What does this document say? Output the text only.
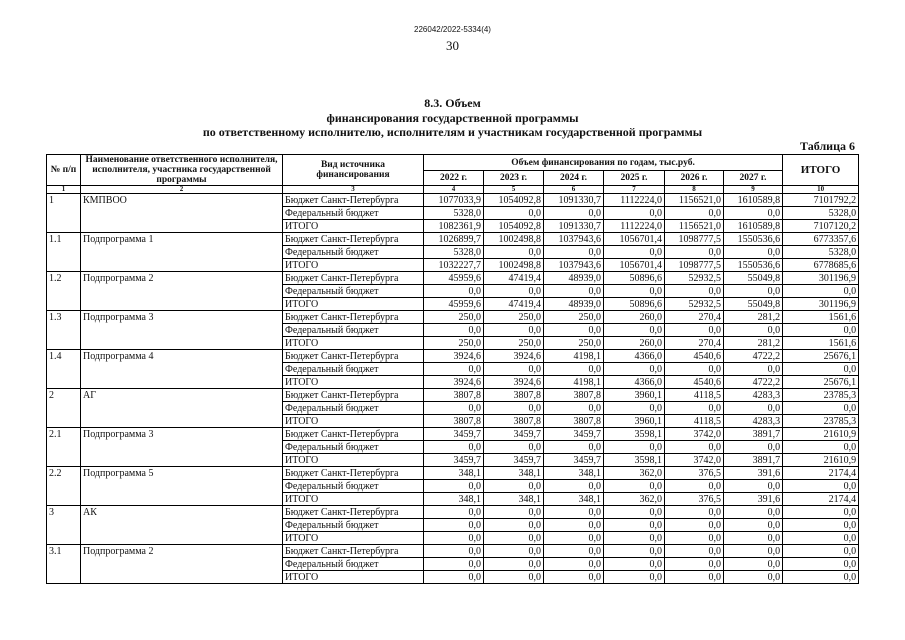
226042/2022-5334(4)
30
8.3. Объем
финансирования государственной программы
по ответственному исполнителю, исполнителям и участникам государственной программы
Таблица 6
№ п/п	Наименование ответственного исполнителя, исполнителя, участника государственной программы	Вид источника финансирования	Объем финансирования по годам, тыс.руб.						ИТОГО
			2022 г.	2023 г.	2024 г.	2025 г.	2026 г.	2027 г.	
1	2	3	4	5	6	7	8	9	10
1	КМПВОО	Бюджет Санкт-Петербурга	1077033,9	1054092,8	1091330,7	1112224,0	1156521,0	1610589,8	7101792,2
		Федеральный бюджет	5328,0	0,0	0,0	0,0	0,0	0,0	5328,0
		ИТОГО	1082361,9	1054092,8	1091330,7	1112224,0	1156521,0	1610589,8	7107120,2
1.1	Подпрограмма 1	Бюджет Санкт-Петербурга	1026899,7	1002498,8	1037943,6	1056701,4	1098777,5	1550536,6	6773357,6
		Федеральный бюджет	5328,0	0,0	0,0	0,0	0,0	0,0	5328,0
		ИТОГО	1032227,7	1002498,8	1037943,6	1056701,4	1098777,5	1550536,6	6778685,6
1.2	Подпрограмма 2	Бюджет Санкт-Петербурга	45959,6	47419,4	48939,0	50896,6	52932,5	55049,8	301196,9
		Федеральный бюджет	0,0	0,0	0,0	0,0	0,0	0,0	0,0
		ИТОГО	45959,6	47419,4	48939,0	50896,6	52932,5	55049,8	301196,9
1.3	Подпрограмма 3	Бюджет Санкт-Петербурга	250,0	250,0	250,0	260,0	270,4	281,2	1561,6
		Федеральный бюджет	0,0	0,0	0,0	0,0	0,0	0,0	0,0
		ИТОГО	250,0	250,0	250,0	260,0	270,4	281,2	1561,6
1.4	Подпрограмма 4	Бюджет Санкт-Петербурга	3924,6	3924,6	4198,1	4366,0	4540,6	4722,2	25676,1
		Федеральный бюджет	0,0	0,0	0,0	0,0	0,0	0,0	0,0
		ИТОГО	3924,6	3924,6	4198,1	4366,0	4540,6	4722,2	25676,1
2	АГ	Бюджет Санкт-Петербурга	3807,8	3807,8	3807,8	3960,1	4118,5	4283,3	23785,3
		Федеральный бюджет	0,0	0,0	0,0	0,0	0,0	0,0	0,0
		ИТОГО	3807,8	3807,8	3807,8	3960,1	4118,5	4283,3	23785,3
2.1	Подпрограмма 3	Бюджет Санкт-Петербурга	3459,7	3459,7	3459,7	3598,1	3742,0	3891,7	21610,9
		Федеральный бюджет	0,0	0,0	0,0	0,0	0,0	0,0	0,0
		ИТОГО	3459,7	3459,7	3459,7	3598,1	3742,0	3891,7	21610,9
2.2	Подпрограмма 5	Бюджет Санкт-Петербурга	348,1	348,1	348,1	362,0	376,5	391,6	2174,4
		Федеральный бюджет	0,0	0,0	0,0	0,0	0,0	0,0	0,0
		ИТОГО	348,1	348,1	348,1	362,0	376,5	391,6	2174,4
3	АК	Бюджет Санкт-Петербурга	0,0	0,0	0,0	0,0	0,0	0,0	0,0
		Федеральный бюджет	0,0	0,0	0,0	0,0	0,0	0,0	0,0
		ИТОГО	0,0	0,0	0,0	0,0	0,0	0,0	0,0
3.1	Подпрограмма 2	Бюджет Санкт-Петербурга	0,0	0,0	0,0	0,0	0,0	0,0	0,0
		Федеральный бюджет	0,0	0,0	0,0	0,0	0,0	0,0	0,0
		ИТОГО	0,0	0,0	0,0	0,0	0,0	0,0	0,0
